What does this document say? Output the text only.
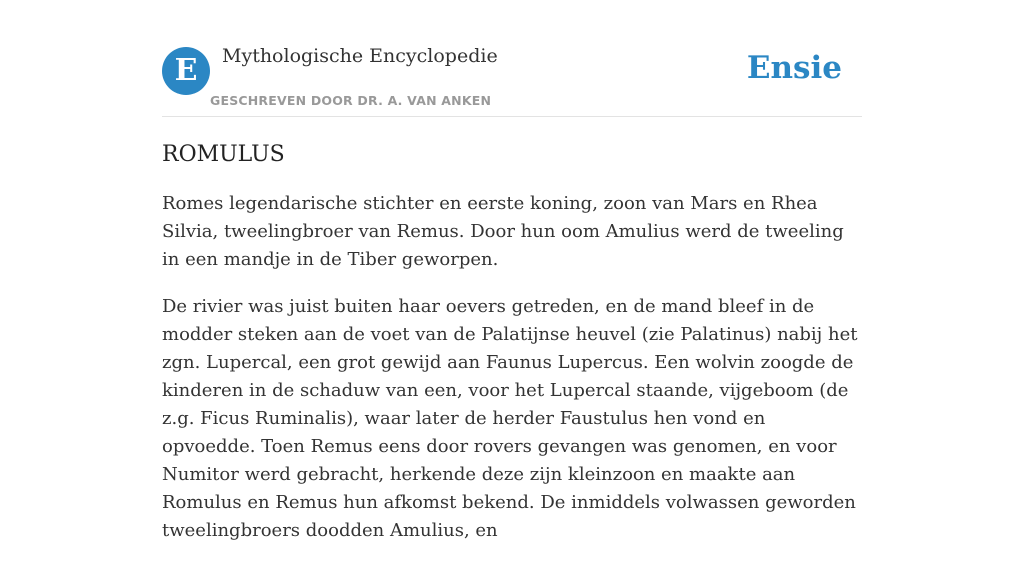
E	Mythologische Encyclopedie
GESCHREVEN DOOR DR. A. VAN ANKEN
Ensie
ROMULUS

Romes legendarische stichter en eerste koning, zoon van Mars en Rhea Silvia, tweelingbroer van Remus. Door hun oom Amulius werd de tweeling in een mandje in de Tiber geworpen.

De rivier was juist buiten haar oevers getreden, en de mand bleef in de modder steken aan de voet van de Palatijnse heuvel (zie Palatinus) nabij het zgn. Lupercal, een grot gewijd aan Faunus Lupercus. Een wolvin zoogde de kinderen in de schaduw van een, voor het Lupercal staande, vijgeboom (de z.g. Ficus Ruminalis), waar later de herder Faustulus hen vond en opvoedde. Toen Remus eens door rovers gevangen was genomen, en voor Numitor werd gebracht, herkende deze zijn kleinzoon en maakte aan Romulus en Remus hun afkomst bekend. De inmiddels volwassen geworden tweelingbroers doodden Amulius, en
